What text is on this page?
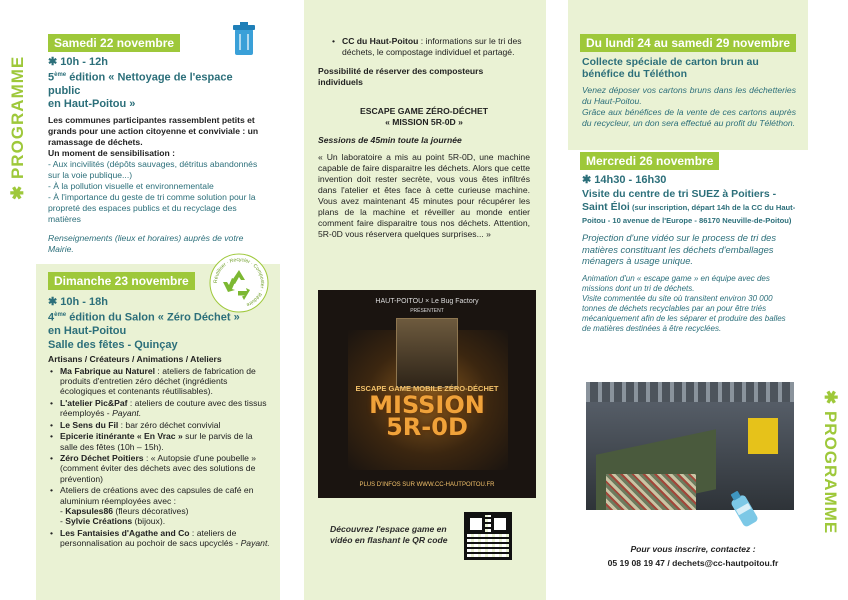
✱ PROGRAMME
✱ PROGRAMME
Samedi 22 novembre
✱ 10h - 12h
5ème édition « Nettoyage de l'espace public
en Haut-Poitou »
Les communes participantes rassemblent petits et grands pour une action citoyenne et conviviale : un ramassage de déchets.
Un moment de sensibilisation :
- Aux incivilités (dépôts sauvages, détritus abandonnés sur la voie publique...)
- À la pollution visuelle et environnementale
- À l'importance du geste de tri comme solution pour la propreté des espaces publics et du recyclage des matières
Renseignements (lieux et horaires) auprès de votre Mairie.
Réutiliser · Recycler · Composter · Réduire
Dimanche 23 novembre
✱ 10h - 18h
4ème édition du Salon « Zéro Déchet »
en Haut-Poitou
Salle des fêtes - Quinçay
Artisans / Créateurs / Animations / Ateliers
• Ma Fabrique au Naturel : ateliers de fabrication de produits d'entretien zéro déchet (ingrédients écologiques et contenants réutilisables).
• L'atelier Pic&Paf : ateliers de couture avec des tissus réemployés - Payant.
• Le Sens du Fil : bar zéro déchet convivial
• Epicerie itinérante « En Vrac » sur le parvis de la salle des fêtes (10h – 15h).
• Zéro Déchet Poitiers : « Autopsie d'une poubelle » (comment éviter des déchets avec des solutions de prévention)
• Ateliers de créations avec des capsules de café en aluminium réemployées avec :
- Kapsules86 (fleurs décoratives)
- Sylvie Créations (bijoux).
• Les Fantaisies d'Agathe and Co : ateliers de personnalisation au pochoir de sacs upcyclés - Payant.
• CC du Haut-Poitou : informations sur le tri des déchets, le compostage individuel et partagé.
Possibilité de réserver des composteurs individuels
ESCAPE GAME ZÉRO-DÉCHET
« MISSION 5R-0D »
Sessions de 45min toute la journée
« Un laboratoire a mis au point 5R-0D, une machine capable de faire disparaitre les déchets. Alors que cette invention doit rester secrète, vous vous êtes infiltrés dans l'atelier et êtes face à cette curieuse machine. Vous avez maintenant 45 minutes pour récupérer les plans de la machine et réveiller au monde entier comment faire disparaitre tous nos déchets. Attention, 5R-0D vous réservera quelques surprises... »
HAUT-POITOU × Le Bug Factory
PRÉSENTENT
ESCAPE GAME MOBILE ZÉRO-DÉCHET
MISSION
5R-0D
PLUS D'INFOS SUR WWW.CC-HAUTPOITOU.FR
Découvrez l'espace game en vidéo en flashant le QR code
Du lundi 24 au samedi 29 novembre
Collecte spéciale de carton brun au bénéfice du Téléthon
Venez déposer vos cartons bruns dans les déchetteries du Haut-Poitou.
Grâce aux bénéfices de la vente de ces cartons auprès du recycleur, un don sera effectué au profit du Téléthon.
Mercredi 26 novembre
✱ 14h30 - 16h30
Visite du centre de tri SUEZ à Poitiers - Saint Éloi (sur inscription, départ 14h de la CC du Haut-Poitou - 10 avenue de l'Europe - 86170 Neuville-de-Poitou)
Projection d'une vidéo sur le process de tri des matières constituant les déchets d'emballages ménagers à usage unique.
Animation d'un « escape game » en équipe avec des missions dont un tri de déchets.
Visite commentée du site où transitent environ 30 000 tonnes de déchets recyclables par an pour être triés mécaniquement afin de les séparer et produire des balles de matières destinées à être recyclées.
Pour vous inscrire, contactez :
05 19 08 19 47 / dechets@cc-hautpoitou.fr
